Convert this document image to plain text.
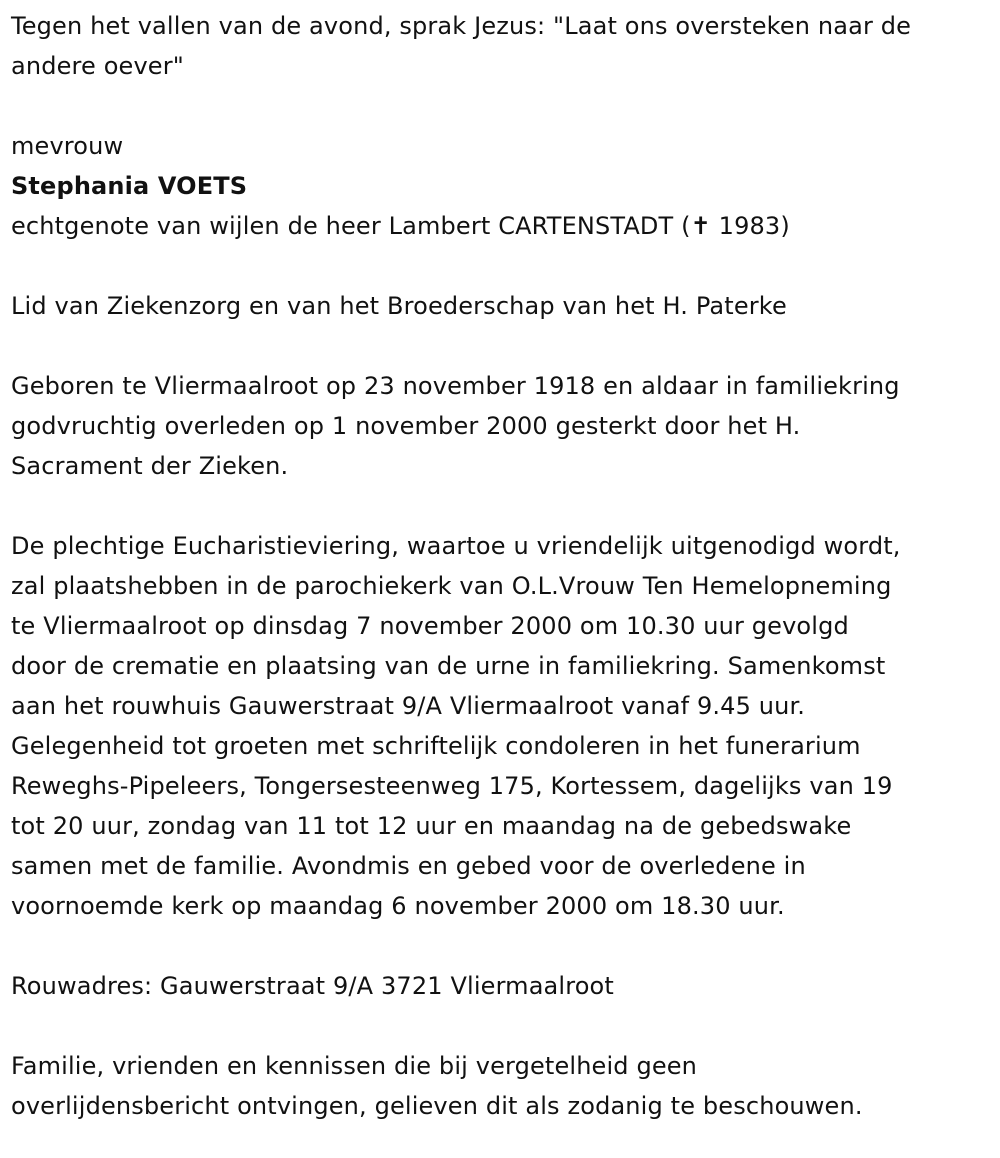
Tegen het vallen van de avond, sprak Jezus: "Laat ons oversteken naar de
andere oever"

mevrouw

Stephania VOETS

echtgenote van wijlen de heer Lambert CARTENSTADT (✝ 1983)

Lid van Ziekenzorg en van het Broederschap van het H. Paterke

Geboren te Vliermaalroot op 23 november 1918 en aldaar in familiekring
godvruchtig overleden op 1 november 2000 gesterkt door het H.
Sacrament der Zieken.

De plechtige Eucharistieviering, waartoe u vriendelijk uitgenodigd wordt,
zal plaatshebben in de parochiekerk van O.L.Vrouw Ten Hemelopneming
te Vliermaalroot op dinsdag 7 november 2000 om 10.30 uur gevolgd
door de crematie en plaatsing van de urne in familiekring. Samenkomst
aan het rouwhuis Gauwerstraat 9/A Vliermaalroot vanaf 9.45 uur.
Gelegenheid tot groeten met schriftelijk condoleren in het funerarium
Reweghs-Pipeleers, Tongersesteenweg 175, Kortessem, dagelijks van 19
tot 20 uur, zondag van 11 tot 12 uur en maandag na de gebedswake
samen met de familie. Avondmis en gebed voor de overledene in
voornoemde kerk op maandag 6 november 2000 om 18.30 uur.

Rouwadres: Gauwerstraat 9/A 3721 Vliermaalroot

Familie, vrienden en kennissen die bij vergetelheid geen
overlijdensbericht ontvingen, gelieven dit als zodanig te beschouwen.
